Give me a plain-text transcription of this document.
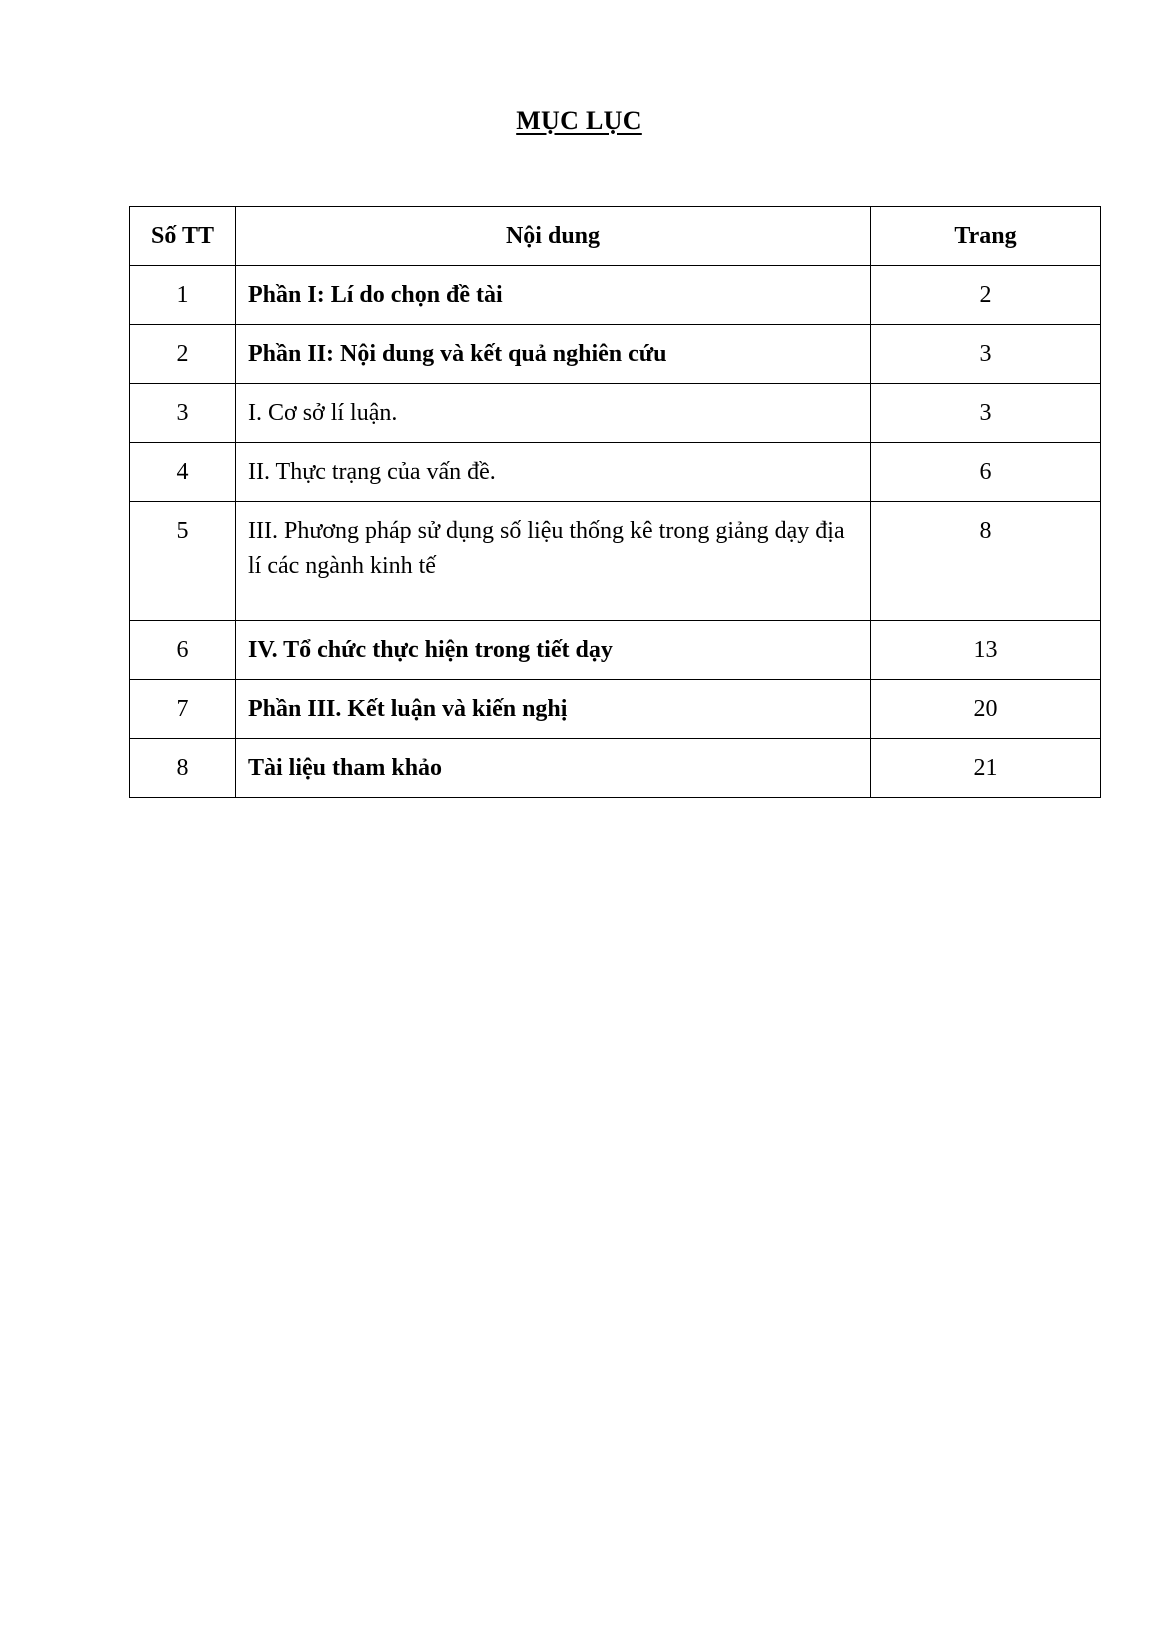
MỤC LỤC
Số TT	Nội dung	Trang
1	Phần I: Lí do chọn đề tài	2
2	Phần II: Nội dung và kết quả nghiên cứu	3
3	I. Cơ sở lí luận.	3
4	II. Thực trạng của vấn đề.	6
5	III. Phương pháp sử dụng số liệu thống kê trong giảng dạy địa lí các ngành kinh tế	8
6	IV. Tổ chức thực hiện trong tiết dạy	13
7	Phần III. Kết luận và kiến nghị	20
8	Tài liệu tham khảo	21
